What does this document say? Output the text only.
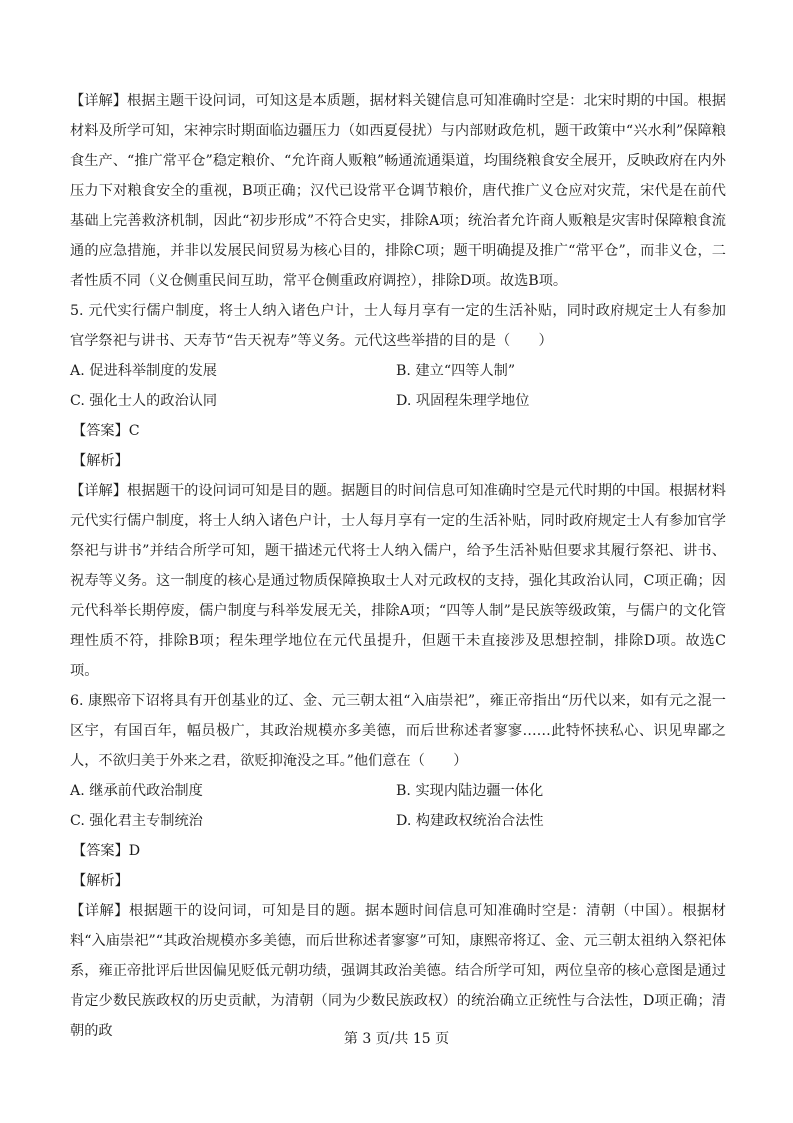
【详解】根据主题干设问词，可知这是本质题，据材料关键信息可知准确时空是：北宋时期的中国。根据材料及所学可知，宋神宗时期面临边疆压力（如西夏侵扰）与内部财政危机，题干政策中“兴水利”保障粮食生产、“推广常平仓”稳定粮价、“允许商人贩粮”畅通流通渠道，均围绕粮食安全展开，反映政府在内外压力下对粮食安全的重视，B项正确；汉代已设常平仓调节粮价，唐代推广义仓应对灾荒，宋代是在前代基础上完善救济机制，因此“初步形成”不符合史实，排除A项；统治者允许商人贩粮是灾害时保障粮食流通的应急措施，并非以发展民间贸易为核心目的，排除C项；题干明确提及推广“常平仓”，而非义仓，二者性质不同（义仓侧重民间互助，常平仓侧重政府调控），排除D项。故选B项。

5. 元代实行儒户制度，将士人纳入诸色户计，士人每月享有一定的生活补贴，同时政府规定士人有参加官学祭祀与讲书、天寿节“告天祝寿”等义务。元代这些举措的目的是（　　）

A. 促进科举制度的发展	B. 建立“四等人制”

C. 强化士人的政治认同	D. 巩固程朱理学地位

【答案】C

【解析】

【详解】根据题干的设问词可知是目的题。据题目的时间信息可知准确时空是元代时期的中国。根据材料元代实行儒户制度，将士人纳入诸色户计，士人每月享有一定的生活补贴，同时政府规定士人有参加官学祭祀与讲书”并结合所学可知，题干描述元代将士人纳入儒户，给予生活补贴但要求其履行祭祀、讲书、祝寿等义务。这一制度的核心是通过物质保障换取士人对元政权的支持，强化其政治认同，C项正确；因元代科举长期停废，儒户制度与科举发展无关，排除A项；“四等人制”是民族等级政策，与儒户的文化管理性质不符，排除B项；程朱理学地位在元代虽提升，但题干未直接涉及思想控制，排除D项。故选C项。

6. 康熙帝下诏将具有开创基业的辽、金、元三朝太祖“入庙崇祀”，雍正帝指出“历代以来，如有元之混一区宇，有国百年，幅员极广，其政治规模亦多美德，而后世称述者寥寥……此特怀挟私心、识见卑鄙之人，不欲归美于外来之君，欲贬抑淹没之耳。”他们意在（　　）

A. 继承前代政治制度	B. 实现内陆边疆一体化

C. 强化君主专制统治	D. 构建政权统治合法性

【答案】D

【解析】

【详解】根据题干的设问词，可知是目的题。据本题时间信息可知准确时空是：清朝（中国）。根据材料“入庙崇祀”“其政治规模亦多美德，而后世称述者寥寥”可知，康熙帝将辽、金、元三朝太祖纳入祭祀体系，雍正帝批评后世因偏见贬低元朝功绩，强调其政治美德。结合所学可知，两位皇帝的核心意图是通过肯定少数民族政权的历史贡献，为清朝（同为少数民族政权）的统治确立正统性与合法性，D项正确；清朝的政	第 3 页/共 15 页
